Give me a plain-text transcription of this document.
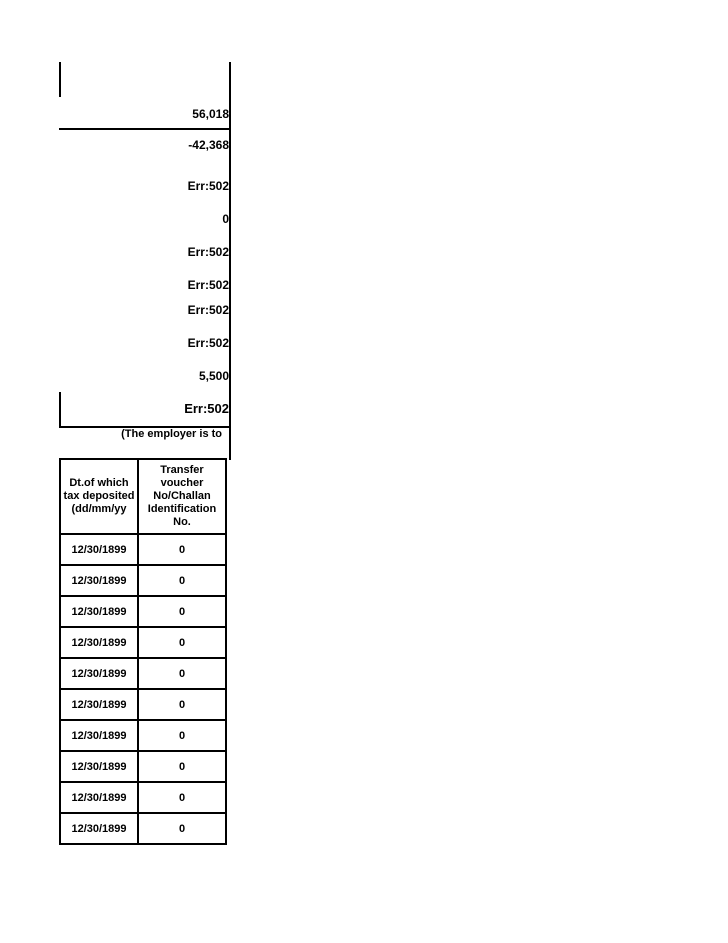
56,018
-42,368
Err:502
0
Err:502
Err:502
Err:502
Err:502
5,500
Err:502
(The employer is to
Dt.of which tax deposited (dd/mm/yy	Transfer voucher No/Challan Identification No.
12/30/1899	0
12/30/1899	0
12/30/1899	0
12/30/1899	0
12/30/1899	0
12/30/1899	0
12/30/1899	0
12/30/1899	0
12/30/1899	0
12/30/1899	0
